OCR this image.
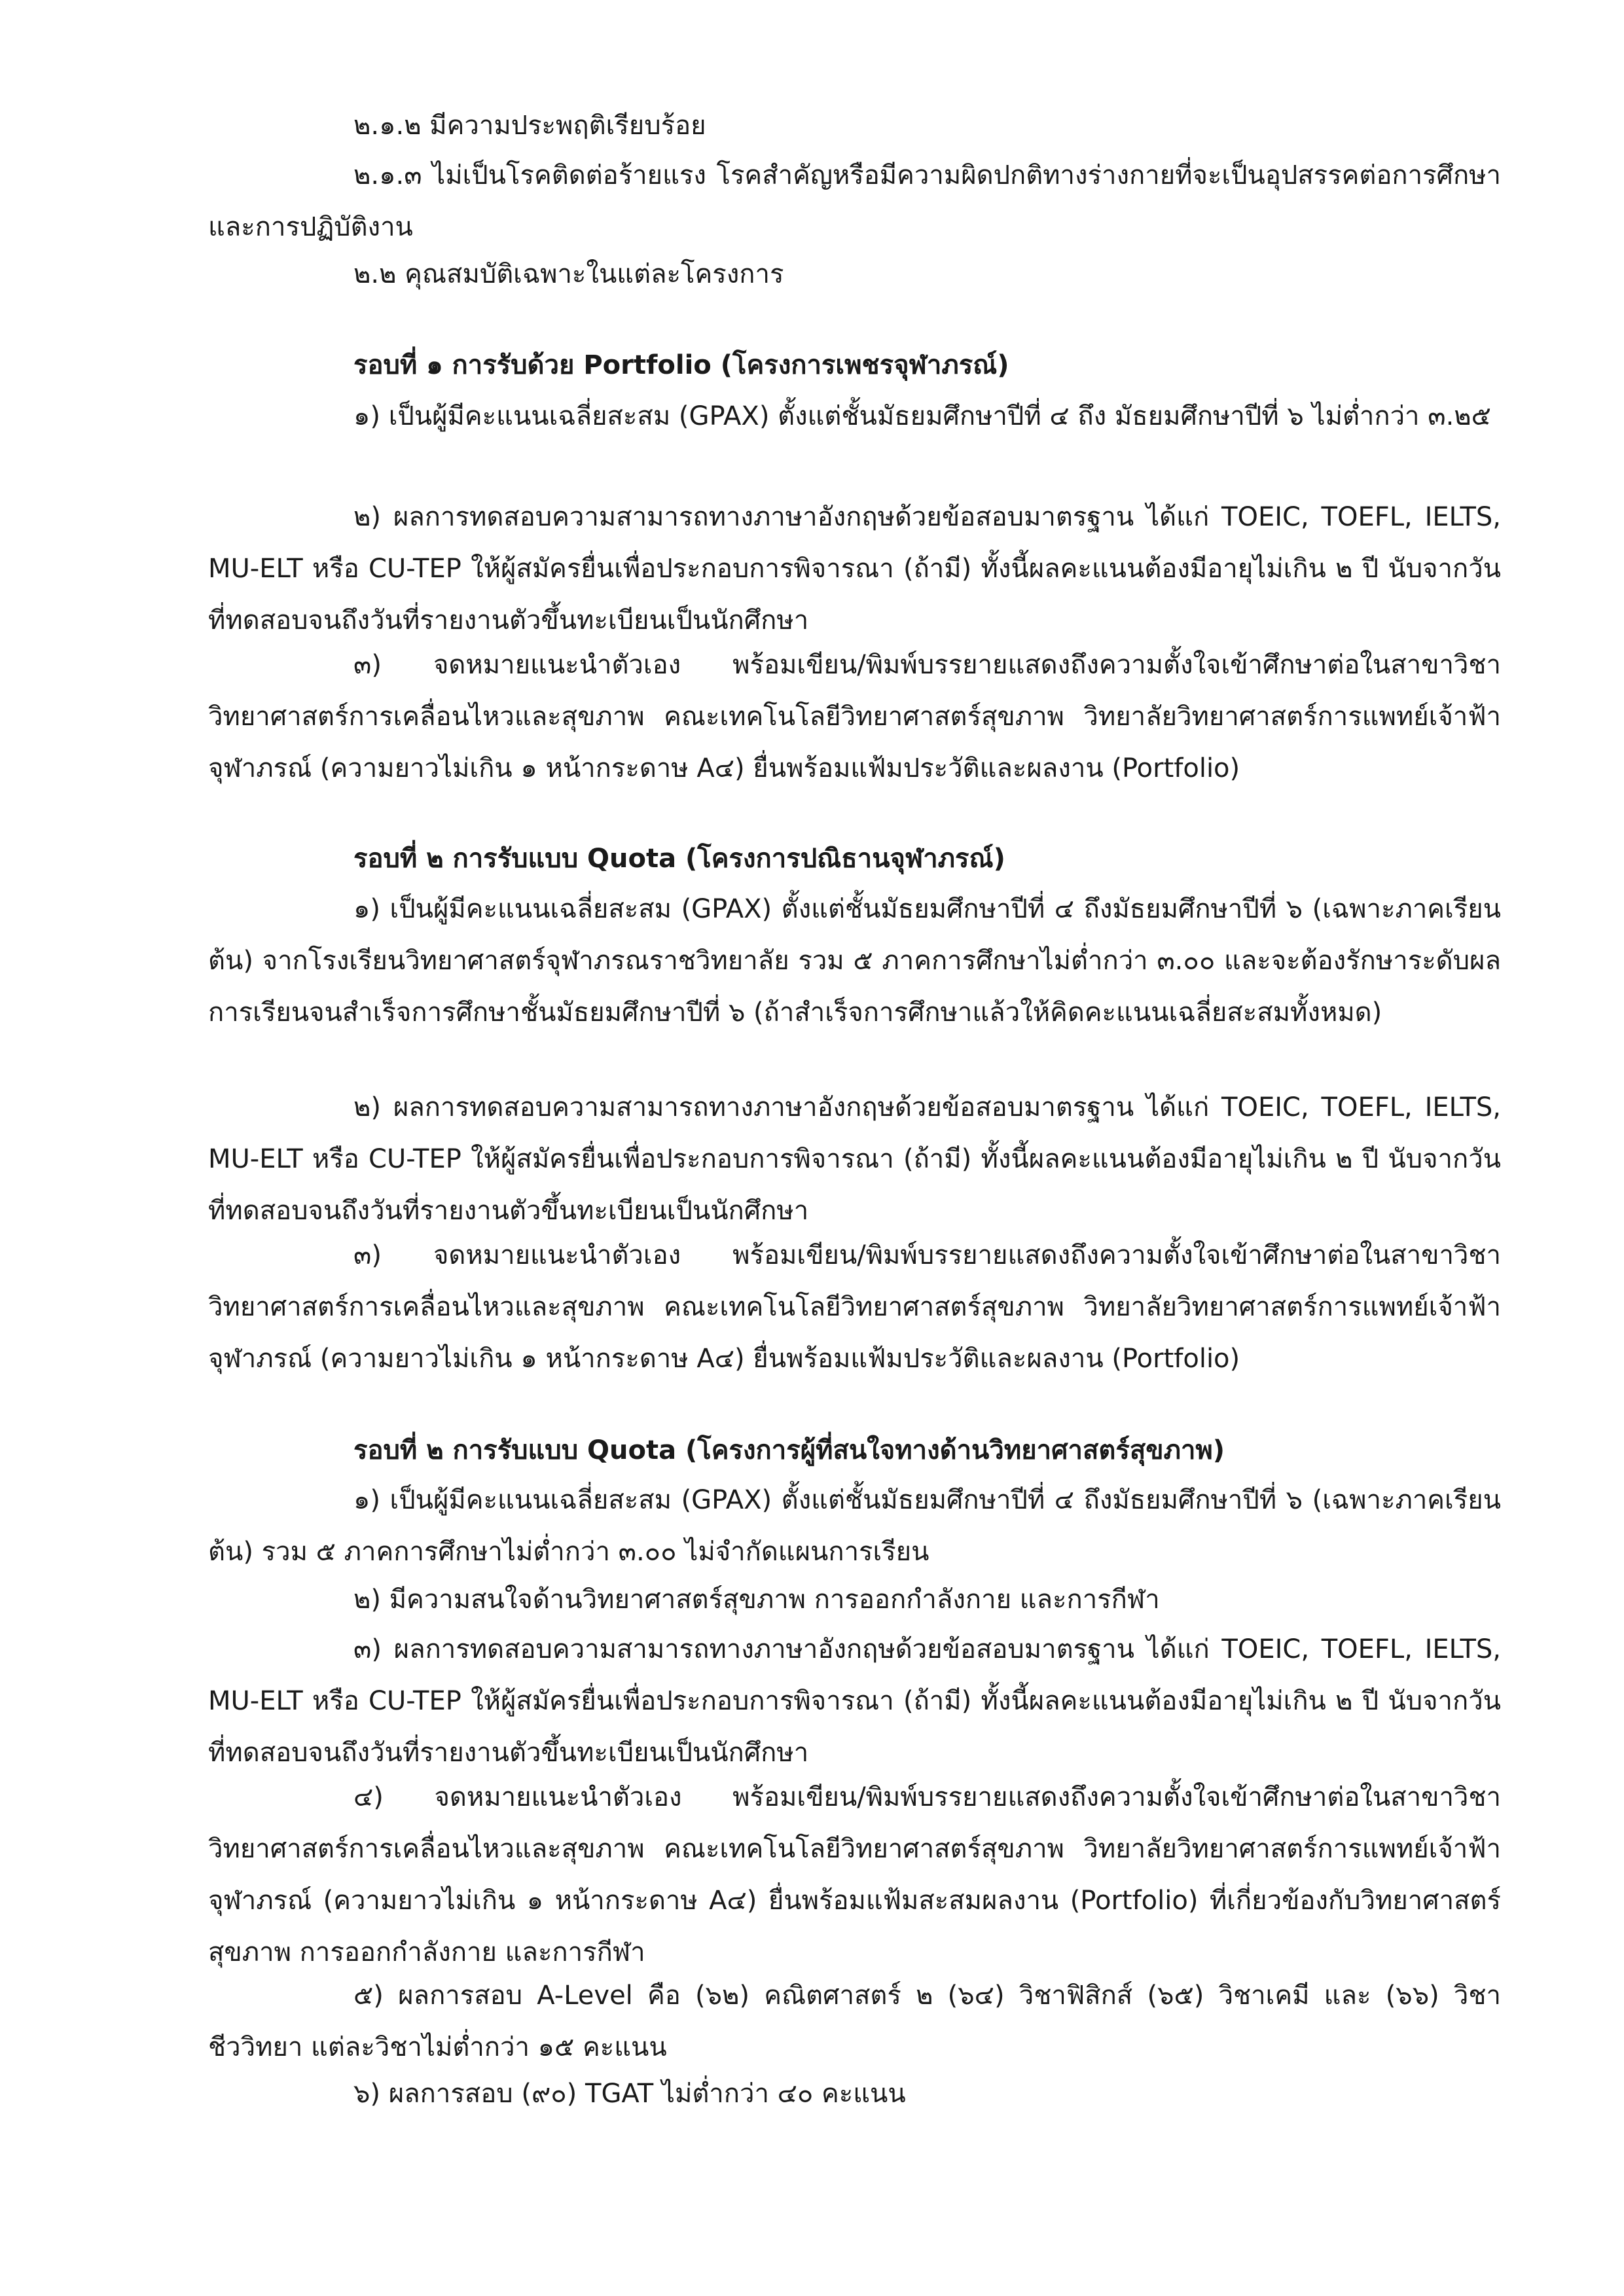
๒.๑.๒ มีความประพฤติเรียบร้อย

๒.๑.๓ ไม่เป็นโรคติดต่อร้ายแรง โรคสำคัญหรือมีความผิดปกติทางร่างกายที่จะเป็นอุปสรรคต่อการศึกษาและการปฏิบัติงาน

๒.๒ คุณสมบัติเฉพาะในแต่ละโครงการ

รอบที่ ๑ การรับด้วย Portfolio (โครงการเพชรจุฬาภรณ์)

๑) เป็นผู้มีคะแนนเฉลี่ยสะสม (GPAX) ตั้งแต่ชั้นมัธยมศึกษาปีที่ ๔ ถึง มัธยมศึกษาปีที่ ๖ ไม่ต่ำกว่า ๓.๒๕

๒) ผลการทดสอบความสามารถทางภาษาอังกฤษด้วยข้อสอบมาตรฐาน ได้แก่ TOEIC, TOEFL, IELTS, MU-ELT หรือ CU-TEP ให้ผู้สมัครยื่นเพื่อประกอบการพิจารณา (ถ้ามี) ทั้งนี้ผลคะแนนต้องมีอายุไม่เกิน ๒ ปี นับจากวันที่ทดสอบจนถึงวันที่รายงานตัวขึ้นทะเบียนเป็นนักศึกษา

๓) จดหมายแนะนำตัวเอง พร้อมเขียน/พิมพ์บรรยายแสดงถึงความตั้งใจเข้าศึกษาต่อในสาขาวิชาวิทยาศาสตร์การเคลื่อนไหวและสุขภาพ คณะเทคโนโลยีวิทยาศาสตร์สุขภาพ วิทยาลัยวิทยาศาสตร์การแพทย์เจ้าฟ้าจุฬาภรณ์ (ความยาวไม่เกิน ๑ หน้ากระดาษ A๔) ยื่นพร้อมแฟ้มประวัติและผลงาน (Portfolio)

รอบที่ ๒ การรับแบบ Quota (โครงการปณิธานจุฬาภรณ์)

๑) เป็นผู้มีคะแนนเฉลี่ยสะสม (GPAX) ตั้งแต่ชั้นมัธยมศึกษาปีที่ ๔ ถึงมัธยมศึกษาปีที่ ๖ (เฉพาะภาคเรียนต้น) จากโรงเรียนวิทยาศาสตร์จุฬาภรณราชวิทยาลัย รวม ๕ ภาคการศึกษาไม่ต่ำกว่า ๓.๐๐ และจะต้องรักษาระดับผลการเรียนจนสำเร็จการศึกษาชั้นมัธยมศึกษาปีที่ ๖ (ถ้าสำเร็จการศึกษาแล้วให้คิดคะแนนเฉลี่ยสะสมทั้งหมด)

๒) ผลการทดสอบความสามารถทางภาษาอังกฤษด้วยข้อสอบมาตรฐาน ได้แก่ TOEIC, TOEFL, IELTS, MU-ELT หรือ CU-TEP ให้ผู้สมัครยื่นเพื่อประกอบการพิจารณา (ถ้ามี) ทั้งนี้ผลคะแนนต้องมีอายุไม่เกิน ๒ ปี นับจากวันที่ทดสอบจนถึงวันที่รายงานตัวขึ้นทะเบียนเป็นนักศึกษา

๓) จดหมายแนะนำตัวเอง พร้อมเขียน/พิมพ์บรรยายแสดงถึงความตั้งใจเข้าศึกษาต่อในสาขาวิชาวิทยาศาสตร์การเคลื่อนไหวและสุขภาพ คณะเทคโนโลยีวิทยาศาสตร์สุขภาพ วิทยาลัยวิทยาศาสตร์การแพทย์เจ้าฟ้าจุฬาภรณ์ (ความยาวไม่เกิน ๑ หน้ากระดาษ A๔) ยื่นพร้อมแฟ้มประวัติและผลงาน (Portfolio)

รอบที่ ๒ การรับแบบ Quota (โครงการผู้ที่สนใจทางด้านวิทยาศาสตร์สุขภาพ)

๑) เป็นผู้มีคะแนนเฉลี่ยสะสม (GPAX) ตั้งแต่ชั้นมัธยมศึกษาปีที่ ๔ ถึงมัธยมศึกษาปีที่ ๖ (เฉพาะภาคเรียนต้น) รวม ๕ ภาคการศึกษาไม่ต่ำกว่า ๓.๐๐ ไม่จำกัดแผนการเรียน

๒) มีความสนใจด้านวิทยาศาสตร์สุขภาพ การออกกำลังกาย และการกีฬา

๓) ผลการทดสอบความสามารถทางภาษาอังกฤษด้วยข้อสอบมาตรฐาน ได้แก่ TOEIC, TOEFL, IELTS, MU-ELT หรือ CU-TEP ให้ผู้สมัครยื่นเพื่อประกอบการพิจารณา (ถ้ามี) ทั้งนี้ผลคะแนนต้องมีอายุไม่เกิน ๒ ปี นับจากวันที่ทดสอบจนถึงวันที่รายงานตัวขึ้นทะเบียนเป็นนักศึกษา

๔) จดหมายแนะนำตัวเอง พร้อมเขียน/พิมพ์บรรยายแสดงถึงความตั้งใจเข้าศึกษาต่อในสาขาวิชาวิทยาศาสตร์การเคลื่อนไหวและสุขภาพ คณะเทคโนโลยีวิทยาศาสตร์สุขภาพ วิทยาลัยวิทยาศาสตร์การแพทย์เจ้าฟ้าจุฬาภรณ์ (ความยาวไม่เกิน ๑ หน้ากระดาษ A๔) ยื่นพร้อมแฟ้มสะสมผลงาน (Portfolio) ที่เกี่ยวข้องกับวิทยาศาสตร์สุขภาพ การออกกำลังกาย และการกีฬา

๕) ผลการสอบ A-Level คือ (๖๒) คณิตศาสตร์ ๒ (๖๔) วิชาฟิสิกส์ (๖๕) วิชาเคมี และ (๖๖) วิชาชีววิทยา แต่ละวิชาไม่ต่ำกว่า ๑๕ คะแนน

๖) ผลการสอบ (๙๐) TGAT ไม่ต่ำกว่า ๔๐ คะแนน
